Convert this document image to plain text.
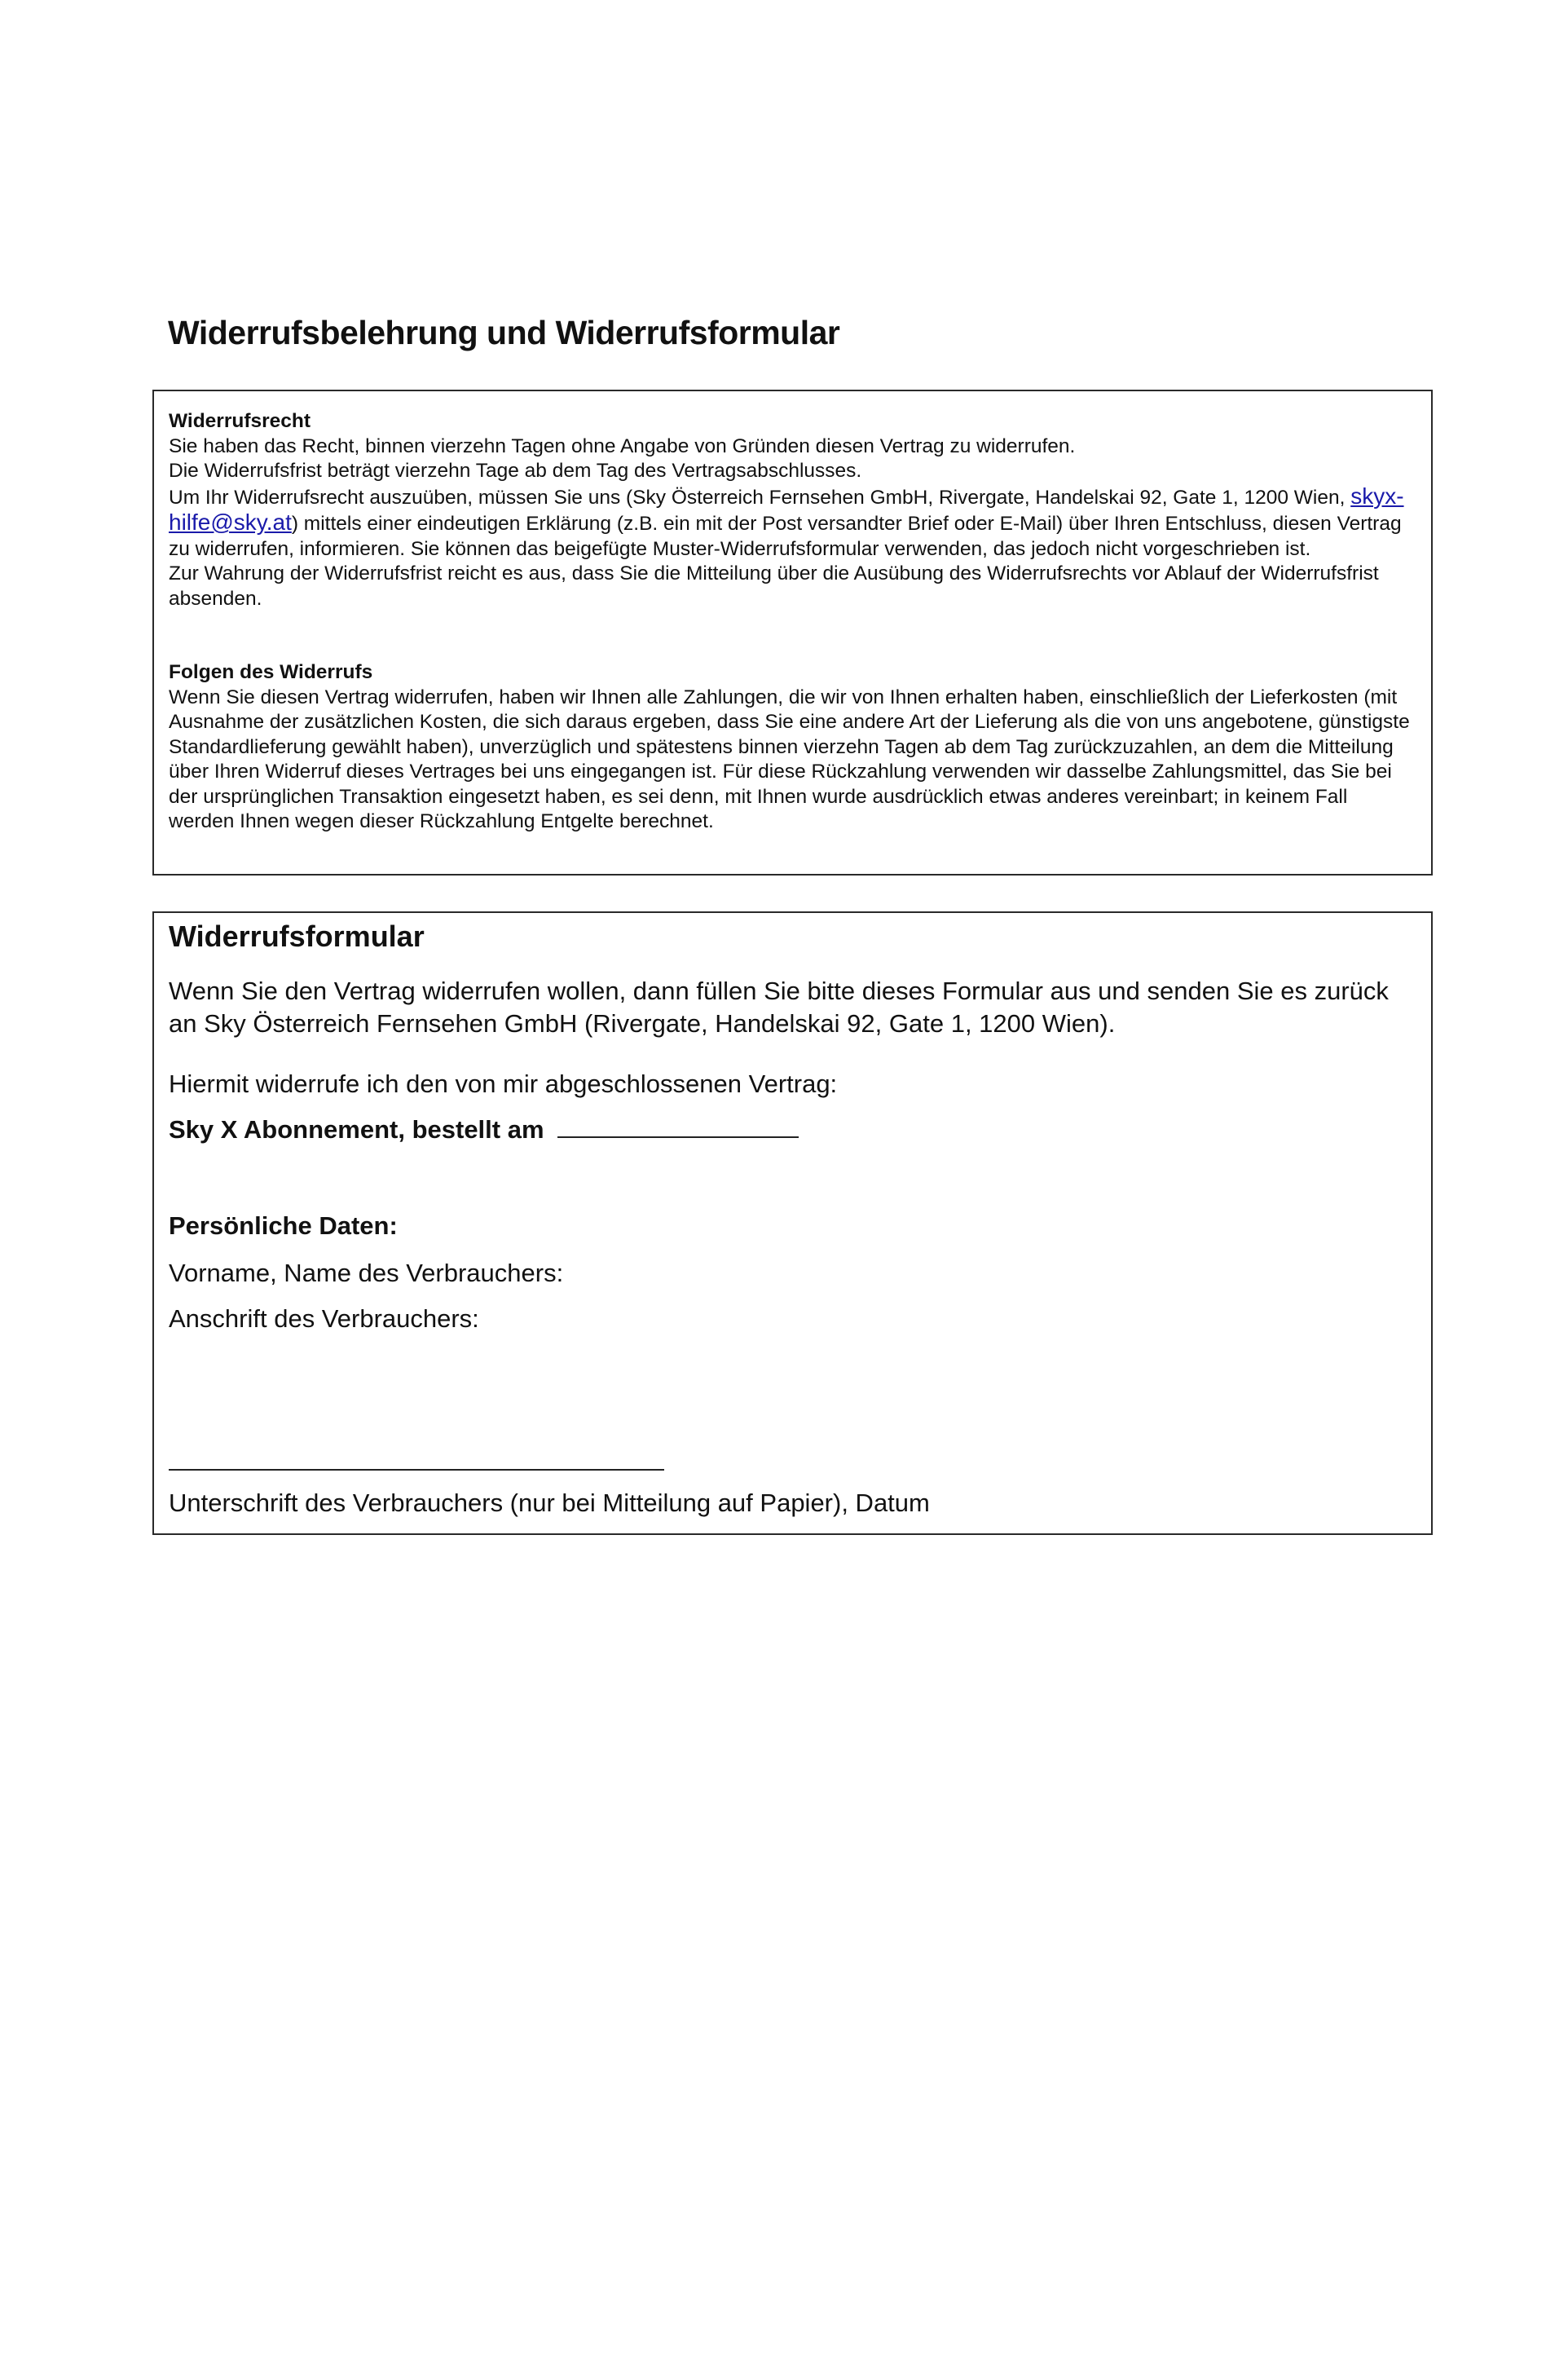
Widerrufsbelehrung und Widerrufsformular

Widerrufsrecht

Sie haben das Recht, binnen vierzehn Tagen ohne Angabe von Gründen diesen Vertrag zu widerrufen.

Die Widerrufsfrist beträgt vierzehn Tage ab dem Tag des Vertragsabschlusses.

Um Ihr Widerrufsrecht auszuüben, müssen Sie uns (Sky Österreich Fernsehen GmbH, Rivergate, Handelskai 92, Gate 1, 1200 Wien, skyx-hilfe@sky.at) mittels einer eindeutigen Erklärung (z.B. ein mit der Post versandter Brief oder E-Mail) über Ihren Entschluss, diesen Vertrag zu widerrufen, informieren. Sie können das beigefügte Muster-Widerrufsformular verwenden, das jedoch nicht vorgeschrieben ist.

Zur Wahrung der Widerrufsfrist reicht es aus, dass Sie die Mitteilung über die Ausübung des Widerrufsrechts vor Ablauf der Widerrufsfrist absenden.

Folgen des Widerrufs

Wenn Sie diesen Vertrag widerrufen, haben wir Ihnen alle Zahlungen, die wir von Ihnen erhalten haben, einschließlich der Lieferkosten (mit Ausnahme der zusätzlichen Kosten, die sich daraus ergeben, dass Sie eine andere Art der Lieferung als die von uns angebotene, günstigste Standardlieferung gewählt haben), unverzüglich und spätestens binnen vierzehn Tagen ab dem Tag zurückzuzahlen, an dem die Mitteilung über Ihren Widerruf dieses Vertrages bei uns eingegangen ist. Für diese Rückzahlung verwenden wir dasselbe Zahlungsmittel, das Sie bei der ursprünglichen Transaktion eingesetzt haben, es sei denn, mit Ihnen wurde ausdrücklich etwas anderes vereinbart; in keinem Fall werden Ihnen wegen dieser Rückzahlung Entgelte berechnet.

Widerrufsformular

Wenn Sie den Vertrag widerrufen wollen, dann füllen Sie bitte dieses Formular aus und senden Sie es zurück an Sky Österreich Fernsehen GmbH (Rivergate, Handelskai 92, Gate 1, 1200 Wien).

Hiermit widerrufe ich den von mir abgeschlossenen Vertrag:

Sky X Abonnement, bestellt am

Persönliche Daten:

Vorname, Name des Verbrauchers:

Anschrift des Verbrauchers:

Unterschrift des Verbrauchers (nur bei Mitteilung auf Papier), Datum
